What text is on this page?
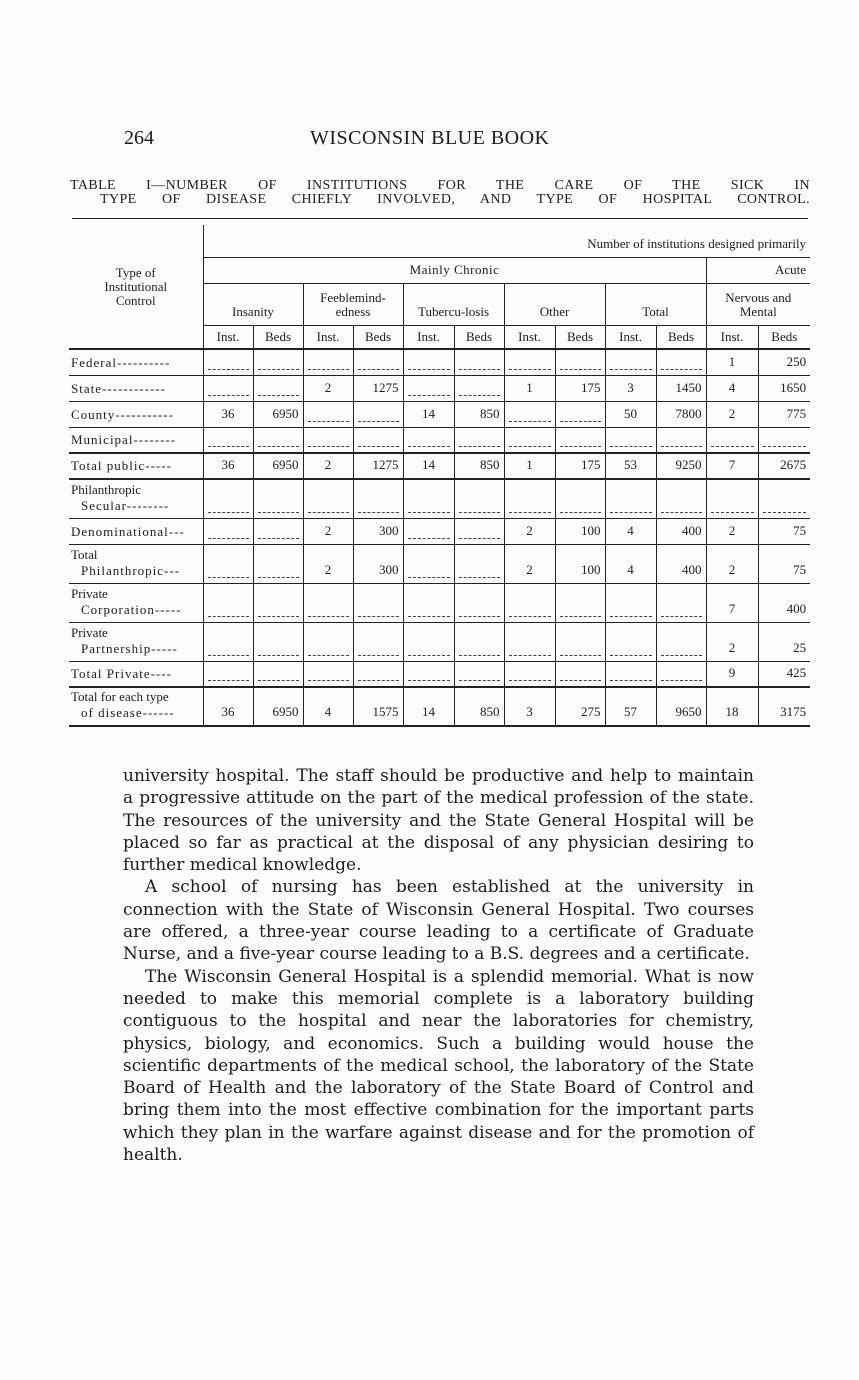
264	WISCONSIN BLUE BOOK
TABLE I—NUMBER OF INSTITUTIONS FOR THE CARE OF THE SICK IN
TYPE OF DISEASE CHIEFLY INVOLVED, AND TYPE OF HOSPITAL CONTROL.
Type of Institutional Control	Number of institutions designed primarily											
	Mainly Chronic										Acute	
	Insanity		Feeblemind-edness		Tubercu-losis		Other		Total		Nervous and Mental	
	Inst.	Beds	Inst.	Beds	Inst.	Beds	Inst.	Beds	Inst.	Beds	Inst.	Beds

Federal----------											1	250

State------------			2	1275			1	175	3	1450	4	1650

County-----------	36	6950			14	850			50	7800	2	775

Municipal--------												

Total public-----	36	6950	2	1275	14	850	1	175	53	9250	7	2675

Philanthropic
Secular--------												

Denominational---			2	300			2	100	4	400	2	75

Total
Philanthropic---			2	300			2	100	4	400	2	75

Private
Corporation-----											7	400

Private
Partnership-----											2	25

Total Private----											9	425

Total for each type
of disease------	36	6950	4	1575	14	850	3	275	57	9650	18	3175

university hospital. The staff should be productive and help to maintain a progressive attitude on the part of the medical profession of the state. The resources of the university and the State General Hospital will be placed so far as practical at the disposal of any physician desiring to further medical knowledge.

A school of nursing has been established at the university in connection with the State of Wisconsin General Hospital. Two courses are offered, a three-year course leading to a certificate of Graduate Nurse, and a five-year course leading to a B.S. degrees and a certificate.

The Wisconsin General Hospital is a splendid memorial. What is now needed to make this memorial complete is a laboratory building contiguous to the hospital and near the laboratories for chemistry, physics, biology, and economics. Such a building would house the scientific departments of the medical school, the laboratory of the State Board of Health and the laboratory of the State Board of Control and bring them into the most effective combination for the important parts which they plan in the warfare against disease and for the promotion of health.
